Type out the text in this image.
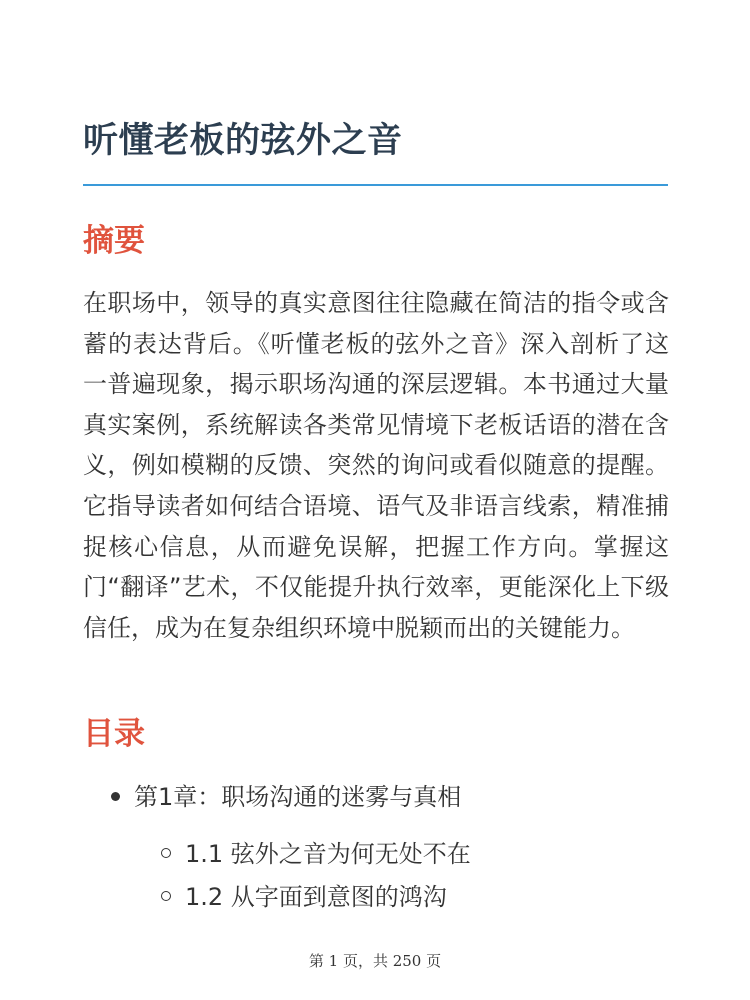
听懂老板的弦外之音
摘要

在职场中，领导的真实意图往往隐藏在简洁的指令或含蓄的表达背后。《听懂老板的弦外之音》深入剖析了这一普遍现象，揭示职场沟通的深层逻辑。本书通过大量真实案例，系统解读各类常见情境下老板话语的潜在含义，例如模糊的反馈、突然的询问或看似随意的提醒。它指导读者如何结合语境、语气及非语言线索，精准捕捉核心信息，从而避免误解，把握工作方向。掌握这门“翻译”艺术，不仅能提升执行效率，更能深化上下级信任，成为在复杂组织环境中脱颖而出的关键能力。

目录
第1章：职场沟通的迷雾与真相
1.1 弦外之音为何无处不在
1.2 从字面到意图的鸿沟
第 1 页，共 250 页
